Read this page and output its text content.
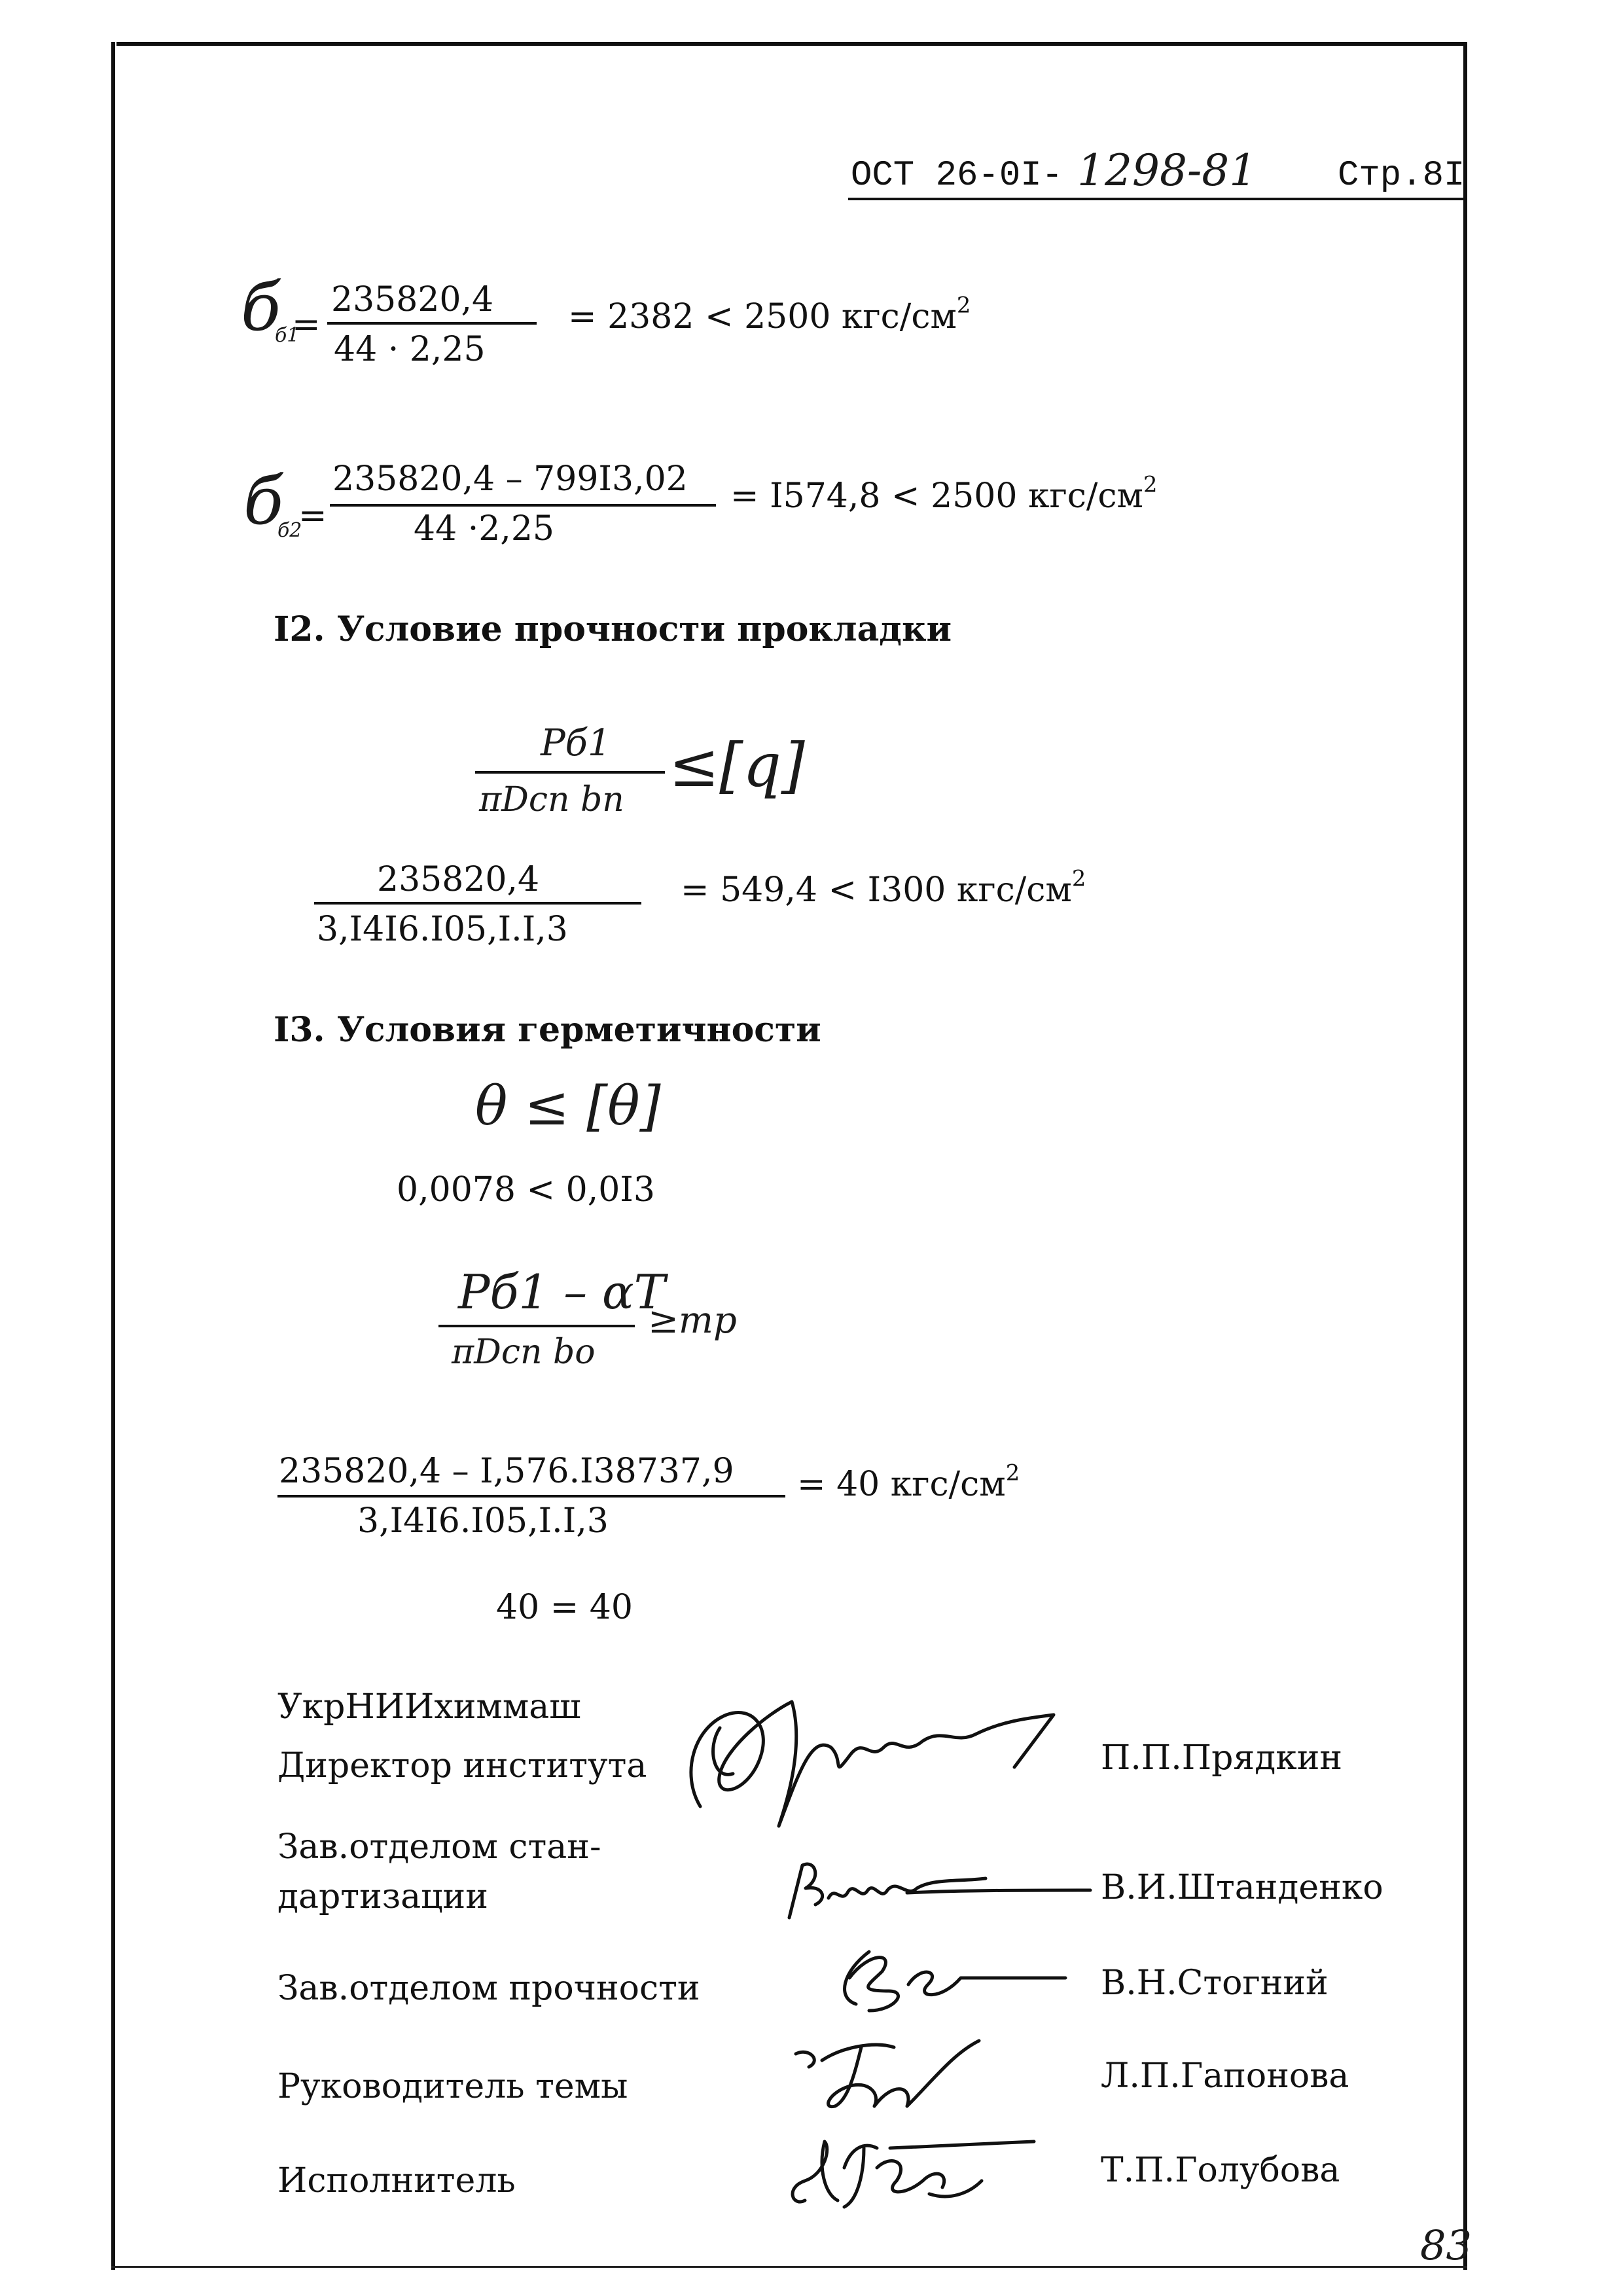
ОСТ 26-0I- 1298-81 Стр.8I
б
б1
=
235820,4
44 · 2,25
= 2382 < 2500 кгс/$см^2$
б
б2
=
235820,4 – 799I3,02
44 ·2,25
= I574,8 < 2500 кгс/$см^2$
I2. Условие прочности прокладки
Pб1
πDcп bп ≤[q]
235820,4
3,I4I6.I05,I.I,3
= 549,4 < I300 кгс/$см^2$
I3. Условия герметичности
θ ≤ [θ]
0,0078 < 0,0I3
Pб1 – αT
πDcп bо
≥mp
235820,4 – I,576.I38737,9
3,I4I6.I05,I.I,3
= 40 кгс/$см^2$
40 = 40
УкрНИИхиммаш
Директор института	П.П.Прядкин
Зав.отделом стан-
дартизации	В.И.Штанденко
Зав.отделом прочности	В.Н.Стогний
Руководитель темы	Л.П.Гапонова
Исполнитель	Т.П.Голубова
83
